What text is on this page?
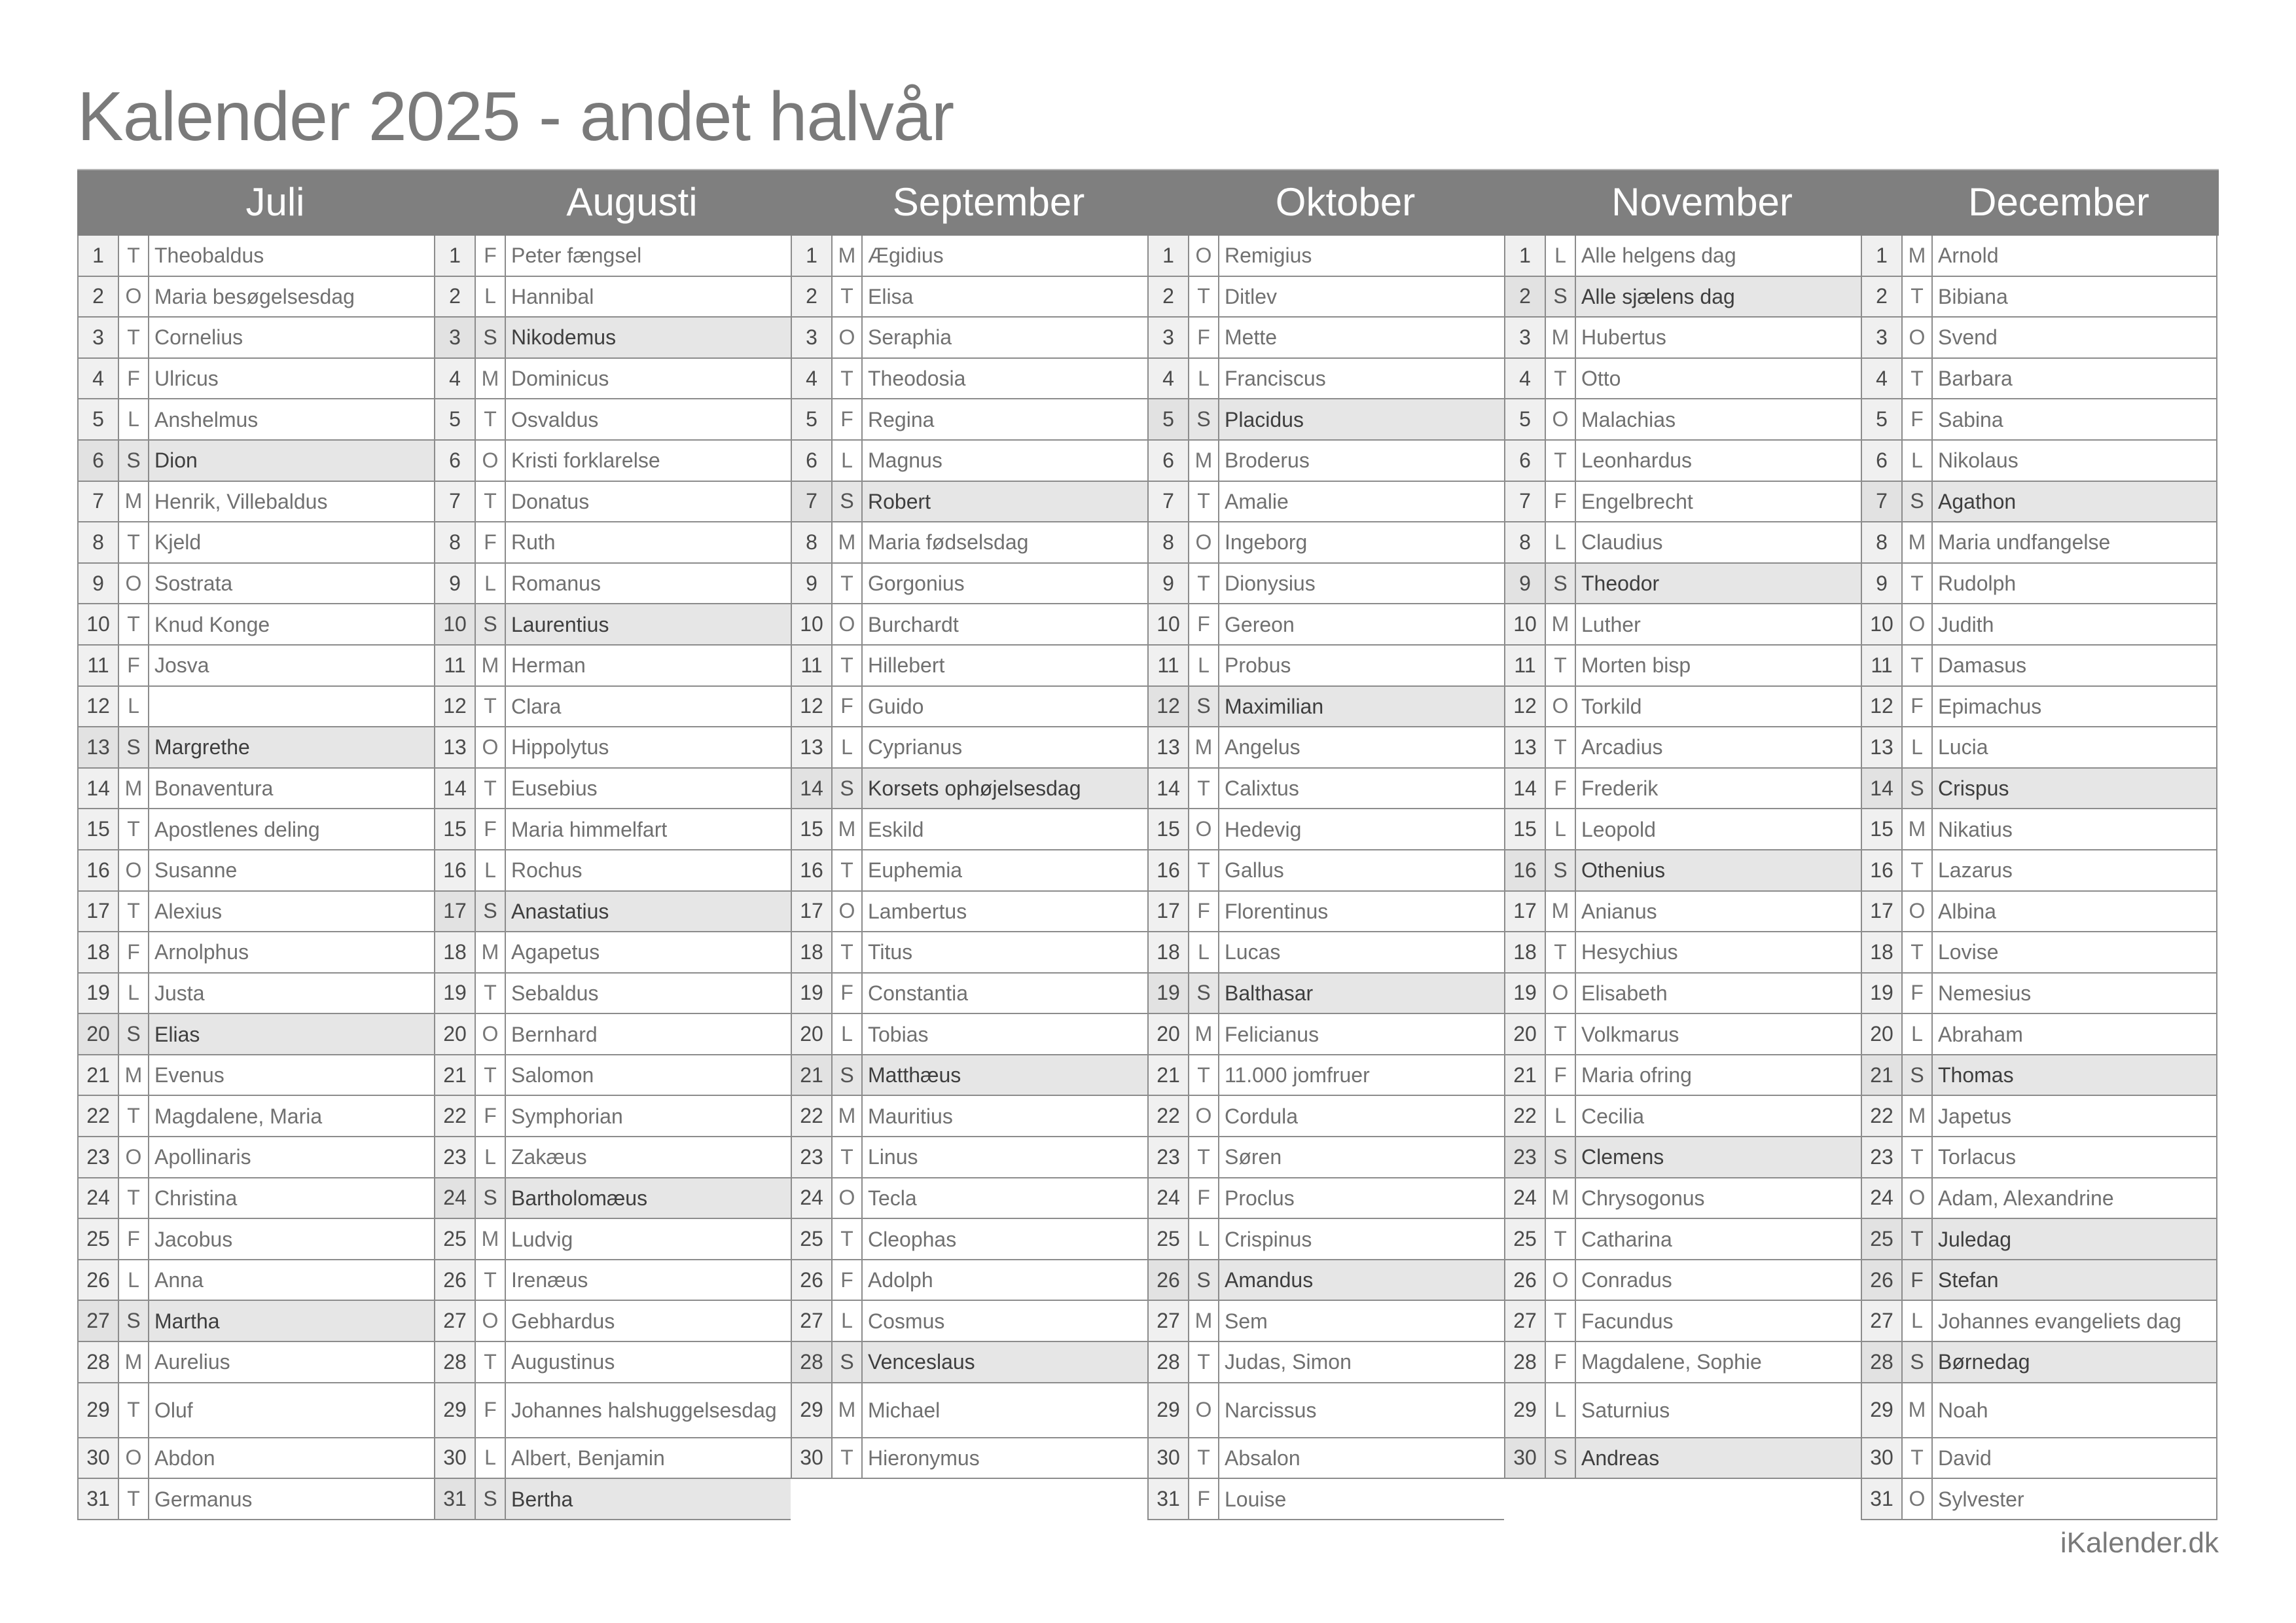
Kalender 2025 - andet halvår
Juli	Augusti	September	Oktober	November	December
1	T Theobaldus
2	O Maria besøgelsesdag
3	T Cornelius
4	F Ulricus
5	L Anshelmus
6	S Dion
7 M Henrik, Villebaldus
8	T Kjeld
9	O Sostrata
10 T Knud Konge
11 F Josva
12 L
13 S Margrethe
14 M Bonaventura
15 T Apostlenes deling
16 O Susanne
17 T Alexius
18 F Arnolphus
19 L Justa
20 S Elias
21 M Evenus
22 T Magdalene, Maria
23 O Apollinaris
24 T Christina
25 F Jacobus
26 L Anna
27 S Martha
28 M Aurelius
29 T Oluf
30 O Abdon
31 T Germanus
1	F Peter fængsel
2	L Hannibal
3	S Nikodemus
4 M Dominicus
5	T Osvaldus
6	O Kristi forklarelse
7	T Donatus
8	F Ruth
9	L Romanus
10 S Laurentius
11 M Herman
12 T Clara
13 O Hippolytus
14 T Eusebius
15 F Maria himmelfart
16 L Rochus
17 S Anastatius
18 M Agapetus
19 T Sebaldus
20 O Bernhard
21 T Salomon
22 F Symphorian
23 L Zakæus
24 S Bartholomæus
25 M Ludvig
26 T Irenæus
27 O Gebhardus
28 T Augustinus
29 F Johannes halshuggelsesdag
30 L Albert, Benjamin
31 S Bertha
1 M Ægidius
2	T Elisa
3	O Seraphia
4	T Theodosia
5	F Regina
6	L Magnus
7	S Robert
8 M Maria fødselsdag
9	T Gorgonius
10 O Burchardt
11 T Hillebert
12 F Guido
13 L Cyprianus
14 S Korsets ophøjelsesdag
15 M Eskild
16 T Euphemia
17 O Lambertus
18 T Titus
19 F Constantia
20 L Tobias
21 S Matthæus
22 M Mauritius
23 T Linus
24 O Tecla
25 T Cleophas
26 F Adolph
27 L Cosmus
28 S Venceslaus
29 M Michael
30 T Hieronymus
1	O Remigius
2	T Ditlev
3	F Mette
4	L Franciscus
5	S Placidus
6 M Broderus
7	T Amalie
8	O Ingeborg
9	T Dionysius
10 F Gereon
11 L Probus
12 S Maximilian
13 M Angelus
14 T Calixtus
15 O Hedevig
16 T Gallus
17 F Florentinus
18 L Lucas
19 S Balthasar
20 M Felicianus
21 T 11.000 jomfruer
22 O Cordula
23 T Søren
24 F Proclus
25 L Crispinus
26 S Amandus
27 M Sem
28 T Judas, Simon
29 O Narcissus
30 T Absalon
31 F Louise
1	L Alle helgens dag
2	S Alle sjælens dag
3 M Hubertus
4	T Otto
5	O Malachias
6	T Leonhardus
7	F Engelbrecht
8	L Claudius
9	S Theodor
10 M Luther
11 T Morten bisp
12 O Torkild
13 T Arcadius
14 F Frederik
15 L Leopold
16 S Othenius
17 M Anianus
18 T Hesychius
19 O Elisabeth
20 T Volkmarus
21 F Maria ofring
22 L Cecilia
23 S Clemens
24 M Chrysogonus
25 T Catharina
26 O Conradus
27 T Facundus
28 F Magdalene, Sophie
29 L Saturnius
30 S Andreas
1 M Arnold
2	T Bibiana
3	O Svend
4	T Barbara
5	F Sabina
6	L Nikolaus
7	S Agathon
8 M Maria undfangelse
9	T Rudolph
10 O Judith
11 T Damasus
12 F Epimachus
13 L Lucia
14 S Crispus
15 M Nikatius
16 T Lazarus
17 O Albina
18 T Lovise
19 F Nemesius
20 L Abraham
21 S Thomas
22 M Japetus
23 T Torlacus
24 O Adam, Alexandrine
25 T Juledag
26 F Stefan
27 L Johannes evangeliets dag
28 S Børnedag
29 M Noah
30 T David
31 O Sylvester
iKalender.dk
